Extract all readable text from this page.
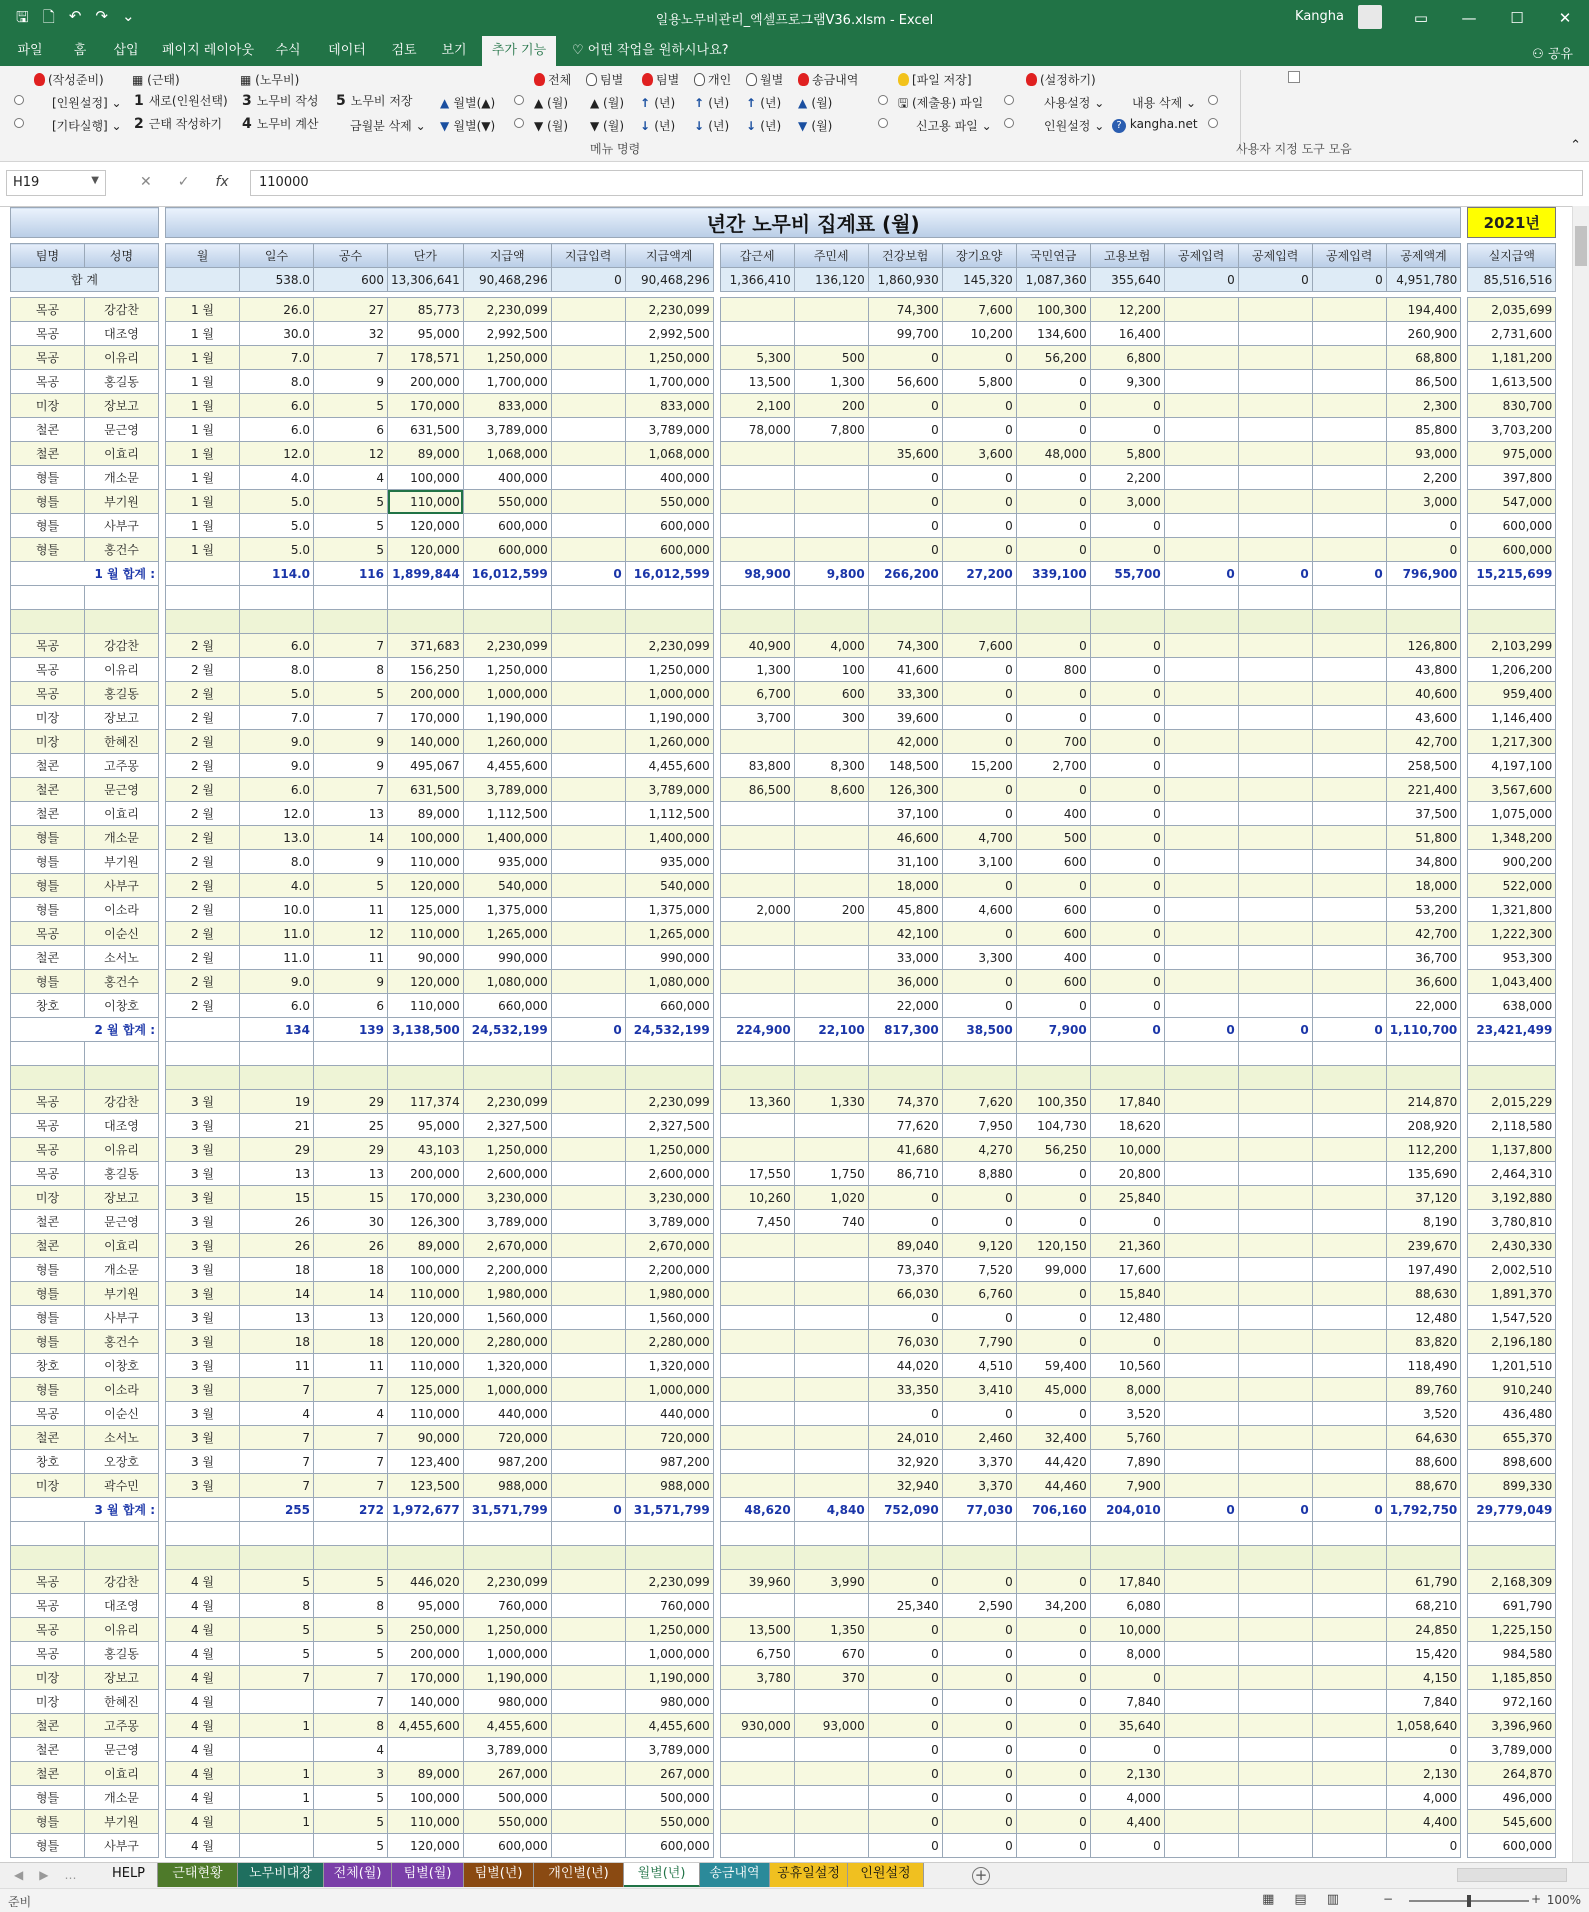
🖫 🗋 ↶ ↷ ⌄	일용노무비관리_엑셀프로그램V36.xlsm - Excel	Kangha	▭	—	☐	✕
파일	홈	삽입	페이지 레이아웃	수식	데이터	검토	보기	추가 기능	♡ 어떤 작업을 원하시나요?	⚇ 공유
(작성준비) ▦ (근태)	▦ (노무비)	전체	팀별	팀별	개인	월별	송금내역	[파일 저장]	(설정하기)
[인원설정] ⌄ 1 새로(인원선택) 3 노무비 작성 5 노무비 저장 ▲ 월별(▲)	▲ (월) ▲ (월) ↑ (년) ↑ (년) ↑ (년) ▲ (월)	🖫 (제출용) 파일	사용설정 ⌄ 내용 삭제 ⌄
[기타실행] ⌄ 2 근태 작성하기 4 노무비 계산	금월분 삭제 ⌄ ▼ 월별(▼)	▼ (월) ▼ (월) ↓ (년) ↓ (년) ↓ (년) ▼ (월)	신고용 파일 ⌄	인원설정 ⌄	? kangha.net
메뉴 명령	사용자 지정 도구 모음	⌃
H19	▼	✕ ✓ fx	110000
			년간 노무비 집계표 (월)																			2021년

팀명	성명		월	일수	공수	단가	지급액	지급입력	지급액계		갑근세	주민세	건강보험	장기요양	국민연금	고용보험	공제입력	공제입력	공제입력	공제액계		실지급액
합 계				538.0	600	13,306,641	90,468,296	0	90,468,296		1,366,410	136,120	1,860,930	145,320	1,087,360	355,640	0	0	0	4,951,780		85,516,516

목공	강감찬		1 월	26.0	27	85,773	2,230,099		2,230,099				74,300	7,600	100,300	12,200				194,400		2,035,699
목공	대조영		1 월	30.0	32	95,000	2,992,500		2,992,500				99,700	10,200	134,600	16,400				260,900		2,731,600
목공	이유리		1 월	7.0	7	178,571	1,250,000		1,250,000		5,300	500	0	0	56,200	6,800				68,800		1,181,200
목공	홍길동		1 월	8.0	9	200,000	1,700,000		1,700,000		13,500	1,300	56,600	5,800	0	9,300				86,500		1,613,500
미장	장보고		1 월	6.0	5	170,000	833,000		833,000		2,100	200	0	0	0	0				2,300		830,700
철콘	문근영		1 월	6.0	6	631,500	3,789,000		3,789,000		78,000	7,800	0	0	0	0				85,800		3,703,200
철콘	이효리		1 월	12.0	12	89,000	1,068,000		1,068,000				35,600	3,600	48,000	5,800				93,000		975,000
형틀	개소문		1 월	4.0	4	100,000	400,000		400,000				0	0	0	2,200				2,200		397,800
형틀	부기원		1 월	5.0	5	110,000	550,000		550,000				0	0	0	3,000				3,000		547,000
형틀	사부구		1 월	5.0	5	120,000	600,000		600,000				0	0	0	0				0		600,000
형틀	홍건수		1 월	5.0	5	120,000	600,000		600,000				0	0	0	0				0		600,000
1 월 합계 :				114.0	116	1,899,844	16,012,599	0	16,012,599		98,900	9,800	266,200	27,200	339,100	55,700	0	0	0	796,900		15,215,699

목공	강감찬		2 월	6.0	7	371,683	2,230,099		2,230,099		40,900	4,000	74,300	7,600	0	0				126,800		2,103,299
목공	이유리		2 월	8.0	8	156,250	1,250,000		1,250,000		1,300	100	41,600	0	800	0				43,800		1,206,200
목공	홍길동		2 월	5.0	5	200,000	1,000,000		1,000,000		6,700	600	33,300	0	0	0				40,600		959,400
미장	장보고		2 월	7.0	7	170,000	1,190,000		1,190,000		3,700	300	39,600	0	0	0				43,600		1,146,400
미장	한혜진		2 월	9.0	9	140,000	1,260,000		1,260,000				42,000	0	700	0				42,700		1,217,300
철콘	고주몽		2 월	9.0	9	495,067	4,455,600		4,455,600		83,800	8,300	148,500	15,200	2,700	0				258,500		4,197,100
철콘	문근영		2 월	6.0	7	631,500	3,789,000		3,789,000		86,500	8,600	126,300	0	0	0				221,400		3,567,600
철콘	이효리		2 월	12.0	13	89,000	1,112,500		1,112,500				37,100	0	400	0				37,500		1,075,000
형틀	개소문		2 월	13.0	14	100,000	1,400,000		1,400,000				46,600	4,700	500	0				51,800		1,348,200
형틀	부기원		2 월	8.0	9	110,000	935,000		935,000				31,100	3,100	600	0				34,800		900,200
형틀	사부구		2 월	4.0	5	120,000	540,000		540,000				18,000	0	0	0				18,000		522,000
형틀	이소라		2 월	10.0	11	125,000	1,375,000		1,375,000		2,000	200	45,800	4,600	600	0				53,200		1,321,800
목공	이순신		2 월	11.0	12	110,000	1,265,000		1,265,000				42,100	0	600	0				42,700		1,222,300
철콘	소서노		2 월	11.0	11	90,000	990,000		990,000				33,000	3,300	400	0				36,700		953,300
형틀	홍건수		2 월	9.0	9	120,000	1,080,000		1,080,000				36,000	0	600	0				36,600		1,043,400
창호	이창호		2 월	6.0	6	110,000	660,000		660,000				22,000	0	0	0				22,000		638,000
2 월 합계 :				134	139	3,138,500	24,532,199	0	24,532,199		224,900	22,100	817,300	38,500	7,900	0	0	0	0	1,110,700		23,421,499

목공	강감찬		3 월	19	29	117,374	2,230,099		2,230,099		13,360	1,330	74,370	7,620	100,350	17,840				214,870		2,015,229
목공	대조영		3 월	21	25	95,000	2,327,500		2,327,500				77,620	7,950	104,730	18,620				208,920		2,118,580
목공	이유리		3 월	29	29	43,103	1,250,000		1,250,000				41,680	4,270	56,250	10,000				112,200		1,137,800
목공	홍길동		3 월	13	13	200,000	2,600,000		2,600,000		17,550	1,750	86,710	8,880	0	20,800				135,690		2,464,310
미장	장보고		3 월	15	15	170,000	3,230,000		3,230,000		10,260	1,020	0	0	0	25,840				37,120		3,192,880
철콘	문근영		3 월	26	30	126,300	3,789,000		3,789,000		7,450	740	0	0	0	0				8,190		3,780,810
철콘	이효리		3 월	26	26	89,000	2,670,000		2,670,000				89,040	9,120	120,150	21,360				239,670		2,430,330
형틀	개소문		3 월	18	18	100,000	2,200,000		2,200,000				73,370	7,520	99,000	17,600				197,490		2,002,510
형틀	부기원		3 월	14	14	110,000	1,980,000		1,980,000				66,030	6,760	0	15,840				88,630		1,891,370
형틀	사부구		3 월	13	13	120,000	1,560,000		1,560,000				0	0	0	12,480				12,480		1,547,520
형틀	홍건수		3 월	18	18	120,000	2,280,000		2,280,000				76,030	7,790	0	0				83,820		2,196,180
창호	이창호		3 월	11	11	110,000	1,320,000		1,320,000				44,020	4,510	59,400	10,560				118,490		1,201,510
형틀	이소라		3 월	7	7	125,000	1,000,000		1,000,000				33,350	3,410	45,000	8,000				89,760		910,240
목공	이순신		3 월	4	4	110,000	440,000		440,000				0	0	0	3,520				3,520		436,480
철콘	소서노		3 월	7	7	90,000	720,000		720,000				24,010	2,460	32,400	5,760				64,630		655,370
창호	오장호		3 월	7	7	123,400	987,200		987,200				32,920	3,370	44,420	7,890				88,600		898,600
미장	곽수민		3 월	7	7	123,500	988,000		988,000				32,940	3,370	44,460	7,900				88,670		899,330
3 월 합계 :				255	272	1,972,677	31,571,799	0	31,571,799		48,620	4,840	752,090	77,030	706,160	204,010	0	0	0	1,792,750		29,779,049

목공	강감찬		4 월	5	5	446,020	2,230,099		2,230,099		39,960	3,990	0	0	0	17,840				61,790		2,168,309
목공	대조영		4 월	8	8	95,000	760,000		760,000				25,340	2,590	34,200	6,080				68,210		691,790
목공	이유리		4 월	5	5	250,000	1,250,000		1,250,000		13,500	1,350	0	0	0	10,000				24,850		1,225,150
목공	홍길동		4 월	5	5	200,000	1,000,000		1,000,000		6,750	670	0	0	0	8,000				15,420		984,580
미장	장보고		4 월	7	7	170,000	1,190,000		1,190,000		3,780	370	0	0	0	0				4,150		1,185,850
미장	한혜진		4 월		7	140,000	980,000		980,000				0	0	0	7,840				7,840		972,160
철콘	고주몽		4 월	1	8	4,455,600	4,455,600		4,455,600		930,000	93,000	0	0	0	35,640				1,058,640		3,396,960
철콘	문근영		4 월		4		3,789,000		3,789,000				0	0	0	0				0		3,789,000
철콘	이효리		4 월	1	3	89,000	267,000		267,000				0	0	0	2,130				2,130		264,870
형틀	개소문		4 월	1	5	100,000	500,000		500,000				0	0	0	4,000				4,000		496,000
형틀	부기원		4 월	1	5	110,000	550,000		550,000				0	0	0	4,400				4,400		545,600
형틀	사부구		4 월		5	120,000	600,000		600,000				0	0	0	0				0		600,000
◀▶…	HELP	근태현황	노무비대장	전체(월)	팀별(월)	팀별(년)	개인별(년)	월별(년)	송금내역	공휴일설정	인원설정	+
준비	▦ ▤ ▥	−	+ 100%
